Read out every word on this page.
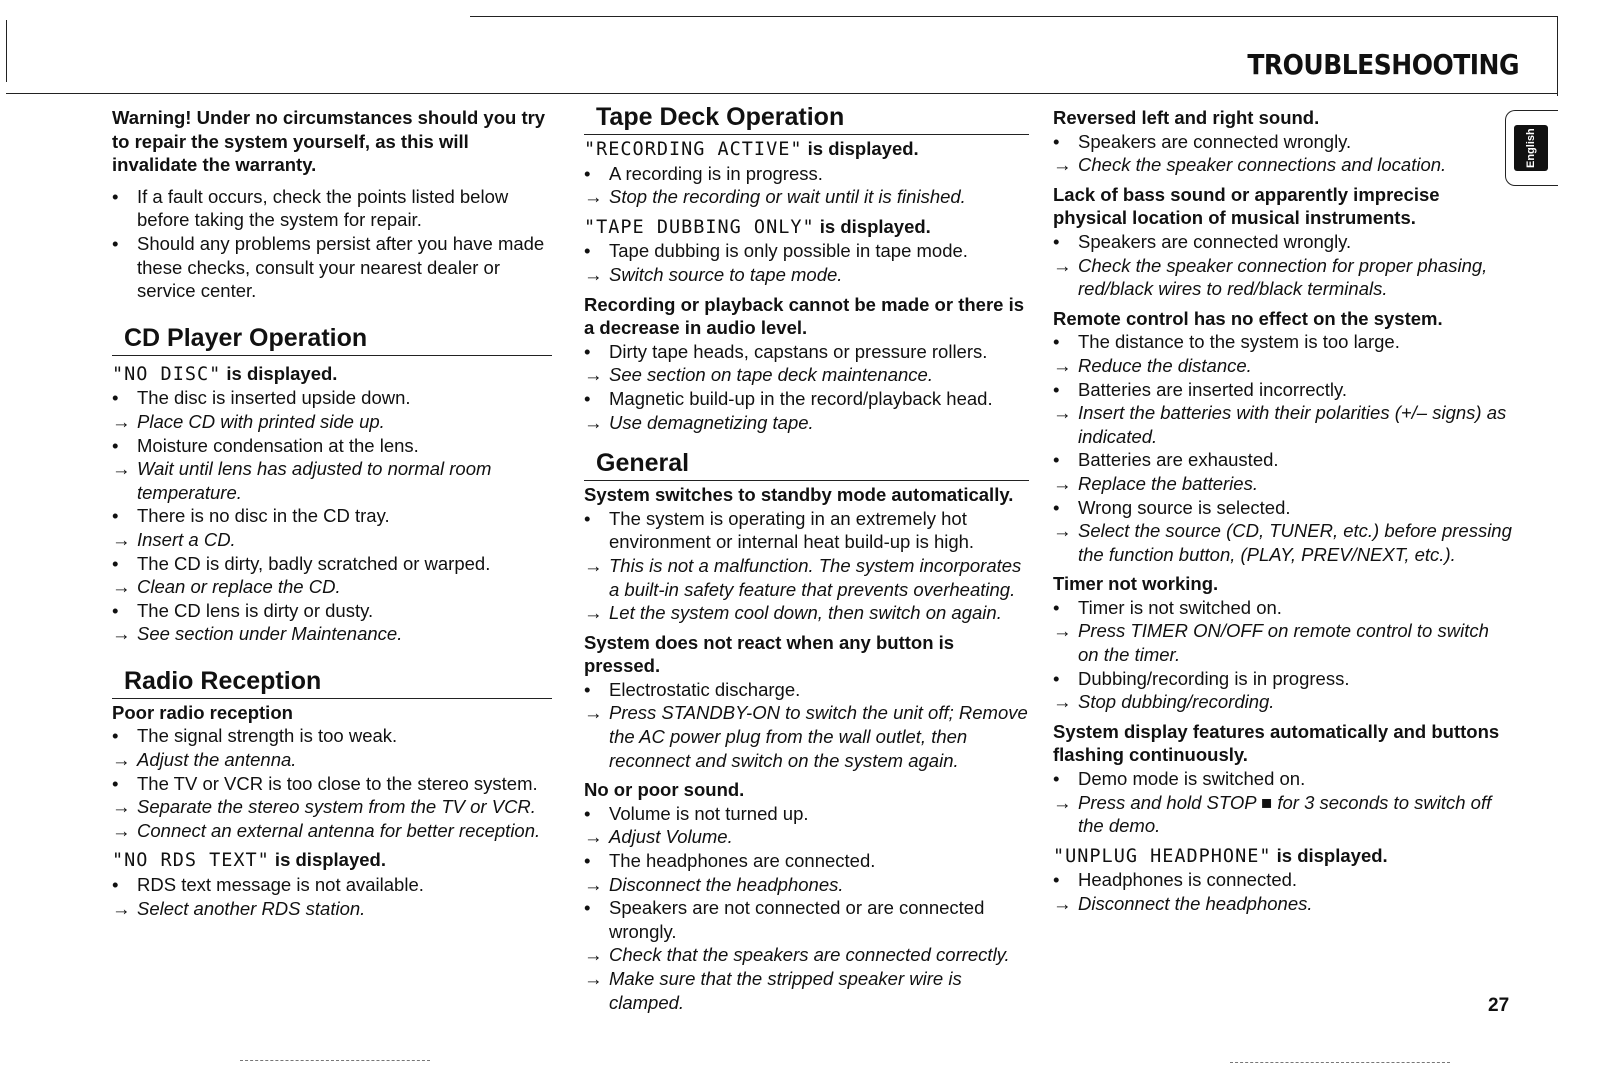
TROUBLESHOOTING
English
Warning! Under no circumstances should you try to repair the system yourself, as this will invalidate the warranty.
•	If a fault occurs, check the points listed below before taking the system for repair.
•	Should any problems persist after you have made these checks, consult your nearest dealer or service center.
CD Player Operation
"NO DISC" is displayed.
•	The disc is inserted upside down.
→ Place CD with printed side up.
•	Moisture condensation at the lens.
→ Wait until lens has adjusted to normal room temperature.
•	There is no disc in the CD tray.
→ Insert a CD.
•	The CD is dirty, badly scratched or warped.
→ Clean or replace the CD.
•	The CD lens is dirty or dusty.
→ See section under Maintenance.
Radio Reception
Poor radio reception
•	The signal strength is too weak.
→ Adjust the antenna.
•	The TV or VCR is too close to the stereo system.
→ Separate the stereo system from the TV or VCR.
→ Connect an external antenna for better reception.
"NO RDS TEXT" is displayed.
•	RDS text message is not available.
→ Select another RDS station.
Tape Deck Operation
"RECORDING ACTIVE" is displayed.
•	A recording is in progress.
→ Stop the recording or wait until it is finished.
"TAPE DUBBING ONLY" is displayed.
•	Tape dubbing is only possible in tape mode.
→ Switch source to tape mode.
Recording or playback cannot be made or there is a decrease in audio level.
•	Dirty tape heads, capstans or pressure rollers.
→ See section on tape deck maintenance.
•	Magnetic build-up in the record/playback head.
→ Use demagnetizing tape.
General
System switches to standby mode automatically.
•	The system is operating in an extremely hot environment or internal heat build-up is high.
→ This is not a malfunction. The system incorporates a built-in safety feature that prevents overheating.
→ Let the system cool down, then switch on again.
System does not react when any button is pressed.
•	Electrostatic discharge.
→ Press STANDBY-ON to switch the unit off; Remove the AC power plug from the wall outlet, then reconnect and switch on the system again.
No or poor sound.
•	Volume is not turned up.
→ Adjust Volume.
•	The headphones are connected.
→ Disconnect the headphones.
•	Speakers are not connected or are connected wrongly.
→ Check that the speakers are connected correctly.
→ Make sure that the stripped speaker wire is clamped.
Reversed left and right sound.
•	Speakers are connected wrongly.
→ Check the speaker connections and location.
Lack of bass sound or apparently imprecise physical location of musical instruments.
•	Speakers are connected wrongly.
→ Check the speaker connection for proper phasing, red/black wires to red/black terminals.
Remote control has no effect on the system.
•	The distance to the system is too large.
→ Reduce the distance.
•	Batteries are inserted incorrectly.
→ Insert the batteries with their polarities (+/– signs) as indicated.
•	Batteries are exhausted.
→ Replace the batteries.
•	Wrong source is selected.
→ Select the source (CD, TUNER, etc.) before pressing the function button, (PLAY, PREV/NEXT, etc.).
Timer not working.
•	Timer is not switched on.
→ Press TIMER ON/OFF on remote control to switch on the timer.
•	Dubbing/recording is in progress.
→ Stop dubbing/recording.
System display features automatically and buttons flashing continuously.
•	Demo mode is switched on.
→ Press and hold STOP ■ for 3 seconds to switch off the demo.
"UNPLUG HEADPHONE" is displayed.
•	Headphones is connected.
→ Disconnect the headphones.
27
